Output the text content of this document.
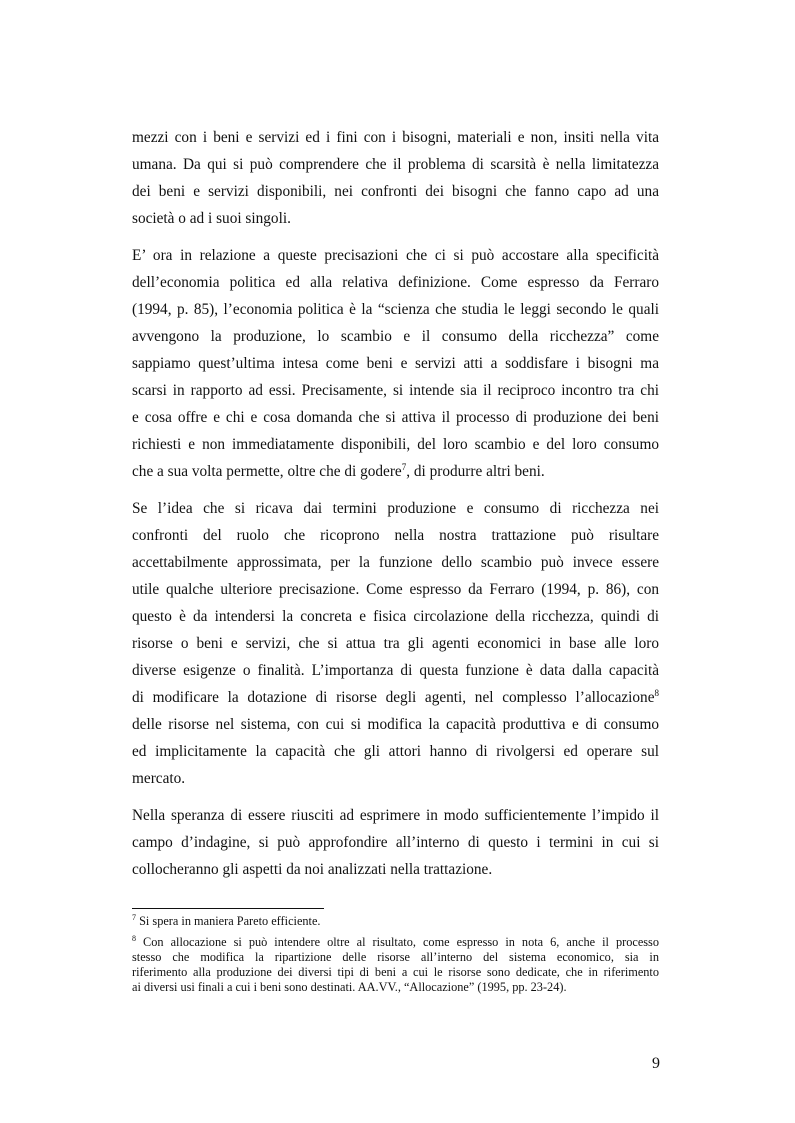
mezzi con i beni e servizi ed i fini con i bisogni, materiali e non, insiti nella vita
umana. Da qui si può comprendere che il problema di scarsità è nella limitatezza
dei beni e servizi disponibili, nei confronti dei bisogni che fanno capo ad una
società o ad i suoi singoli.
E’ ora in relazione a queste precisazioni che ci si può accostare alla specificità
dell’economia politica ed alla relativa definizione. Come espresso da Ferraro
(1994, p. 85), l’economia politica è la “scienza che studia le leggi secondo le quali
avvengono la produzione, lo scambio e il consumo della ricchezza” come
sappiamo quest’ultima intesa come beni e servizi atti a soddisfare i bisogni ma
scarsi in rapporto ad essi. Precisamente, si intende sia il reciproco incontro tra chi
e cosa offre e chi e cosa domanda che si attiva il processo di produzione dei beni
richiesti e non immediatamente disponibili, del loro scambio e del loro consumo
che a sua volta permette, oltre che di godere$^7$, di produrre altri beni.
Se l’idea che si ricava dai termini produzione e consumo di ricchezza nei
confronti del ruolo che ricoprono nella nostra trattazione può risultare
accettabilmente approssimata, per la funzione dello scambio può invece essere
utile qualche ulteriore precisazione. Come espresso da Ferraro (1994, p. 86), con
questo è da intendersi la concreta e fisica circolazione della ricchezza, quindi di
risorse o beni e servizi, che si attua tra gli agenti economici in base alle loro
diverse esigenze o finalità. L’importanza di questa funzione è data dalla capacità
di modificare la dotazione di risorse degli agenti, nel complesso l’allocazione$^8$
delle risorse nel sistema, con cui si modifica la capacità produttiva e di consumo
ed implicitamente la capacità che gli attori hanno di rivolgersi ed operare sul
mercato.
Nella speranza di essere riusciti ad esprimere in modo sufficientemente l’impido il
campo d’indagine, si può approfondire all’interno di questo i termini in cui si
collocheranno gli aspetti da noi analizzati nella trattazione.
$^7$ Si spera in maniera Pareto efficiente.
$^8$ Con allocazione si può intendere oltre al risultato, come espresso in nota 6, anche il processo
stesso che modifica la ripartizione delle risorse all’interno del sistema economico, sia in
riferimento alla produzione dei diversi tipi di beni a cui le risorse sono dedicate, che in riferimento
ai diversi usi finali a cui i beni sono destinati. AA.VV., “Allocazione” (1995, pp. 23-24).
9
